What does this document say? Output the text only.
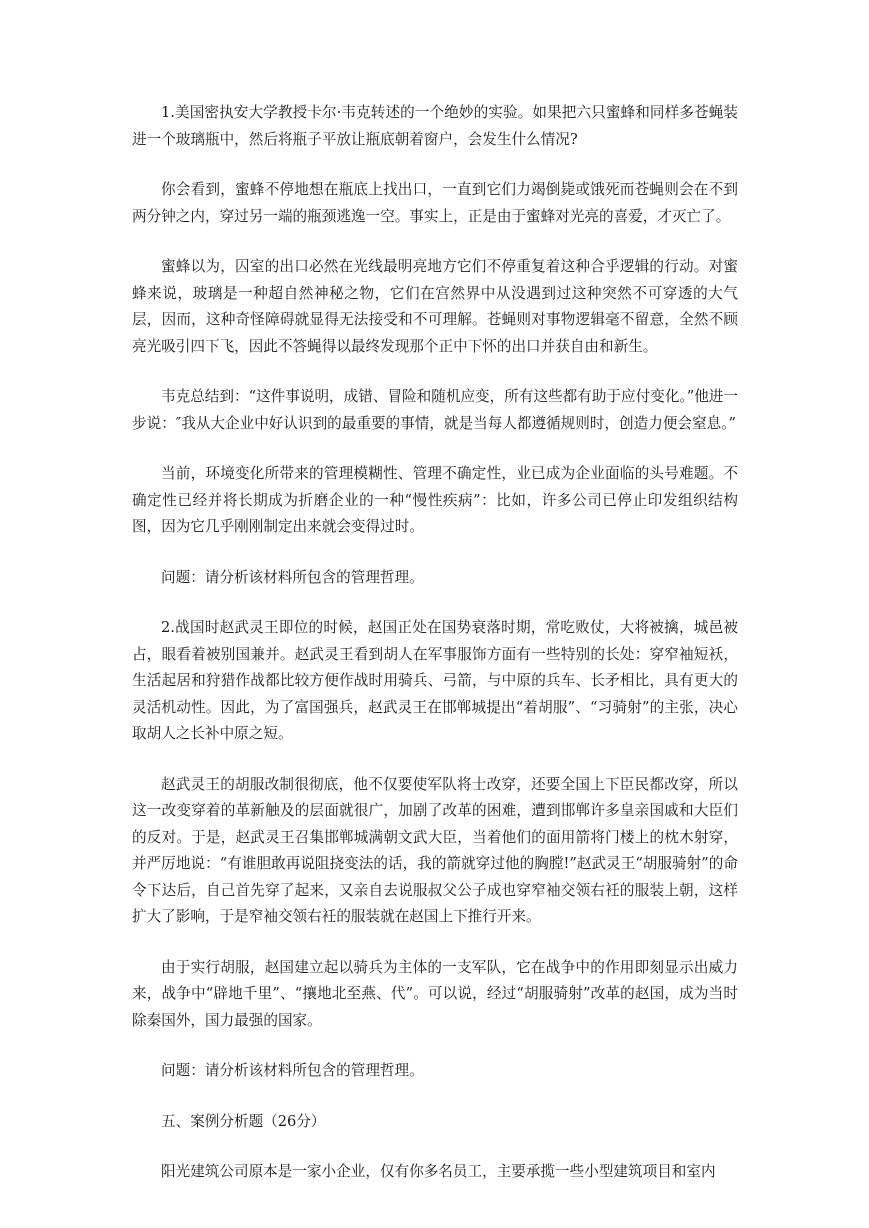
1.美国密执安大学教授卡尔·韦克转述的一个绝妙的实验。如果把六只蜜蜂和同样多苍蝇装进一个玻璃瓶中，然后将瓶子平放让瓶底朝着窗户，会发生什么情况?

你会看到，蜜蜂不停地想在瓶底上找出口，一直到它们力竭倒毙或饿死而苍蝇则会在不到两分钟之内，穿过另一端的瓶颈逃逸一空。事实上，正是由于蜜蜂对光亮的喜爱，才灭亡了。

蜜蜂以为，囚室的出口必然在光线最明亮地方它们不停重复着这种合乎逻辑的行动。对蜜蜂来说，玻璃是一种超自然神秘之物，它们在宫然界中从没遇到过这种突然不可穿透的大气层，因而，这种奇怪障碍就显得无法接受和不可理解。苍蝇则对事物逻辑毫不留意，全然不顾亮光吸引四下飞，因此不答蝇得以最终发现那个正中下怀的出口并获自由和新生。

韦克总结到：“这件事说明，成错、冒险和随机应变，所有这些都有助于应付变化。”他进一步说：″我从大企业中好认识到的最重要的事情，就是当每人都遵循规则时，创造力便会窒息。”

当前，环境变化所带来的管理模糊性、管理不确定性，业已成为企业面临的头号难题。不确定性已经并将长期成为折磨企业的一种“慢性疾病”：比如，许多公司已停止印发组织结构图，因为它几乎刚刚制定出来就会变得过时。

问题：请分析该材料所包含的管理哲理。

2.战国时赵武灵王即位的时候，赵国正处在国势衰落时期，常吃败仗，大将被擒，城邑被占，眼看着被别国兼并。赵武灵王看到胡人在军事服饰方面有一些特别的长处：穿窄袖短袄，生活起居和狩猎作战都比较方便作战时用骑兵、弓箭，与中原的兵车、长矛相比，具有更大的灵活机动性。因此，为了富国强兵，赵武灵王在邯郸城提出“着胡服”、“习骑射”的主张，决心取胡人之长补中原之短。

赵武灵王的胡服改制很彻底，他不仅要使军队将士改穿，还要全国上下臣民都改穿，所以这一改变穿着的革新触及的层面就很广，加剧了改革的困难，遭到邯郸许多皇亲国戚和大臣们的反对。于是，赵武灵王召集邯郸城满朝文武大臣，当着他们的面用箭将门楼上的枕木射穿，并严厉地说：“有谁胆敢再说阻挠变法的话，我的箭就穿过他的胸膛!”赵武灵王“胡服骑射”的命令下达后，自己首先穿了起来，又亲自去说服叔父公子成也穿窄袖交领右衽的服装上朝，这样扩大了影响，于是窄袖交领右衽的服装就在赵国上下推行开来。

由于实行胡服，赵国建立起以骑兵为主体的一支军队，它在战争中的作用即刻显示出威力来，战争中“辟地千里”、“攘地北至燕、代”。可以说，经过“胡服骑射”改革的赵国，成为当时除秦国外，国力最强的国家。

问题：请分析该材料所包含的管理哲理。

五、案例分析题（26分）

阳光建筑公司原本是一家小企业，仅有你多名员工，主要承揽一些小型建筑项目和室内
